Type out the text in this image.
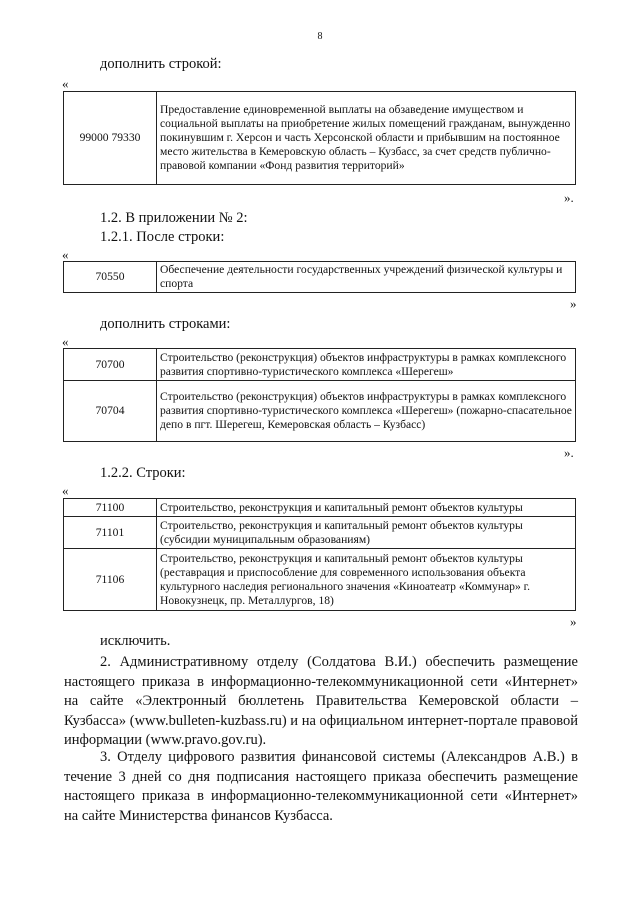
8
дополнить строкой:
«
99000 79330	Предоставление единовременной выплаты на обзаведение имуществом и социальной выплаты на приобретение жилых помещений гражданам, вынужденно покинувшим г. Херсон и часть Херсонской области и прибывшим на постоянное место жительства в Кемеровскую область – Кузбасс, за счет средств публично-правовой компании «Фонд развития территорий»
».
1.2. В приложении № 2:
1.2.1. После строки:
«
70550	Обеспечение деятельности государственных учреждений физической культуры и спорта
»
дополнить строками:
«
70700	Строительство (реконструкция) объектов инфраструктуры в рамках комплексного развития спортивно-туристического комплекса «Шерегеш»
70704	Строительство (реконструкция) объектов инфраструктуры в рамках комплексного развития спортивно-туристического комплекса «Шерегеш» (пожарно-спасательное депо в пгт. Шерегеш, Кемеровская область – Кузбасс)
».
1.2.2. Строки:
«
71100	Строительство, реконструкция и капитальный ремонт объектов культуры
71101	Строительство, реконструкция и капитальный ремонт объектов культуры (субсидии муниципальным образованиям)
71106	Строительство, реконструкция и капитальный ремонт объектов культуры (реставрация и приспособление для современного использования объекта культурного наследия регионального значения «Киноатеатр «Коммунар» г. Новокузнецк, пр. Металлургов, 18)
»
исключить.
2. Административному отделу (Солдатова В.И.) обеспечить размещение настоящего приказа в информационно-телекоммуникационной сети «Интернет» на сайте «Электронный бюллетень Правительства Кемеровской области – Кузбасса» (www.bulleten-kuzbass.ru) и на официальном интернет-портале правовой информации (www.pravo.gov.ru).
3. Отделу цифрового развития финансовой системы (Александров А.В.) в течение 3 дней со дня подписания настоящего приказа обеспечить размещение настоящего приказа в информационно-телекоммуникационной сети «Интернет» на сайте Министерства финансов Кузбасса.
